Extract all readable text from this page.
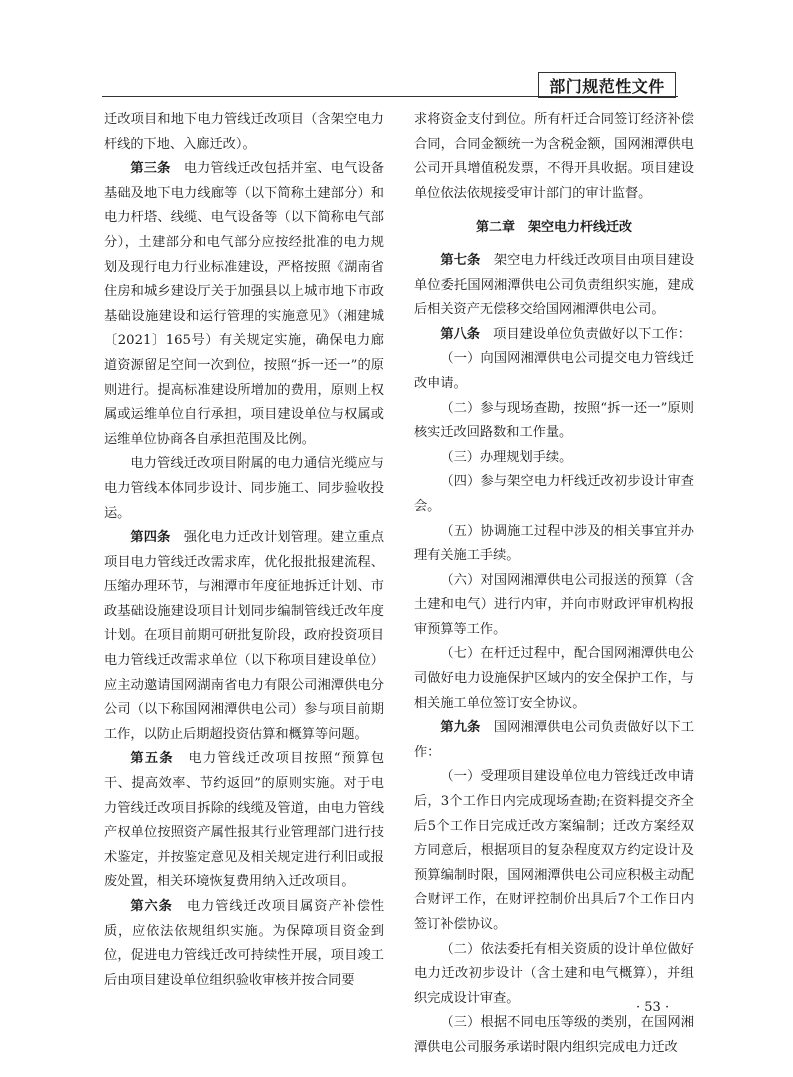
部门规范性文件

迁改项目和地下电力管线迁改项目（含架空电力杆线的下地、入廊迁改）。

第三条　 电力管线迁改包括并室、电气设备基础及地下电力线廊等（以下简称土建部分）和电力杆塔、线缆、电气设备等（以下简称电气部分），土建部分和电气部分应按经批准的电力规划及现行电力行业标准建设，严格按照《湖南省住房和城乡建设厅关于加强县以上城市地下市政基础设施建设和运行管理的实施意见》（湘建城〔2021〕165号）有关规定实施，确保电力廊道资源留足空间一次到位，按照“拆一还一”的原则进行。提高标准建设所增加的费用，原则上权属或运维单位自行承担，项目建设单位与权属或运维单位协商各自承担范围及比例。

电力管线迁改项目附属的电力通信光缆应与电力管线本体同步设计、同步施工、同步验收投运。

第四条　 强化电力迁改计划管理。建立重点项目电力管线迁改需求库，优化报批报建流程、压缩办理环节，与湘潭市年度征地拆迁计划、市政基础设施建设项目计划同步编制管线迁改年度计划。在项目前期可研批复阶段，政府投资项目电力管线迁改需求单位（以下称项目建设单位）应主动邀请国网湖南省电力有限公司湘潭供电分公司（以下称国网湘潭供电公司）参与项目前期工作，以防止后期超投资估算和概算等问题。

第五条　 电力管线迁改项目按照“预算包干、提高效率、节约返回”的原则实施。对于电力管线迁改项目拆除的线缆及管道，由电力管线产权单位按照资产属性报其行业管理部门进行技术鉴定，并按鉴定意见及相关规定进行利旧或报废处置，相关环境恢复费用纳入迁改项目。

第六条　 电力管线迁改项目属资产补偿性质，应依法依规组织实施。为保障项目资金到位，促进电力管线迁改可持续性开展，项目竣工后由项目建设单位组织验收审核并按合同要

求将资金支付到位。所有杆迁合同签订经济补偿合同，合同金额统一为含税金额，国网湘潭供电公司开具增值税发票，不得开具收据。项目建设单位依法依规接受审计部门的审计监督。

第二章　架空电力杆线迁改

第七条　 架空电力杆线迁改项目由项目建设单位委托国网湘潭供电公司负责组织实施，建成后相关资产无偿移交给国网湘潭供电公司。

第八条　 项目建设单位负责做好以下工作：

（一）向国网湘潭供电公司提交电力管线迁改申请。

（二）参与现场查勘，按照“拆一还一”原则核实迁改回路数和工作量。

（三）办理规划手续。

（四）参与架空电力杆线迁改初步设计审查会。

（五）协调施工过程中涉及的相关事宜并办理有关施工手续。

（六）对国网湘潭供电公司报送的预算（含土建和电气）进行内审，并向市财政评审机构报审预算等工作。

（七）在杆迁过程中，配合国网湘潭供电公司做好电力设施保护区域内的安全保护工作，与相关施工单位签订安全协议。

第九条　 国网湘潭供电公司负责做好以下工作：

（一）受理项目建设单位电力管线迁改申请后，3个工作日内完成现场查勘;在资料提交齐全后5个工作日完成迁改方案编制；迁改方案经双方同意后，根据项目的复杂程度双方约定设计及预算编制时限，国网湘潭供电公司应积极主动配合财评工作，在财评控制价出具后7个工作日内签订补偿协议。

（二）依法委托有相关资质的设计单位做好电力迁改初步设计（含土建和电气概算），并组织完成设计审查。

（三）根据不同电压等级的类别，在国网湘潭供电公司服务承诺时限内组织完成电力迁改

· 53 ·
